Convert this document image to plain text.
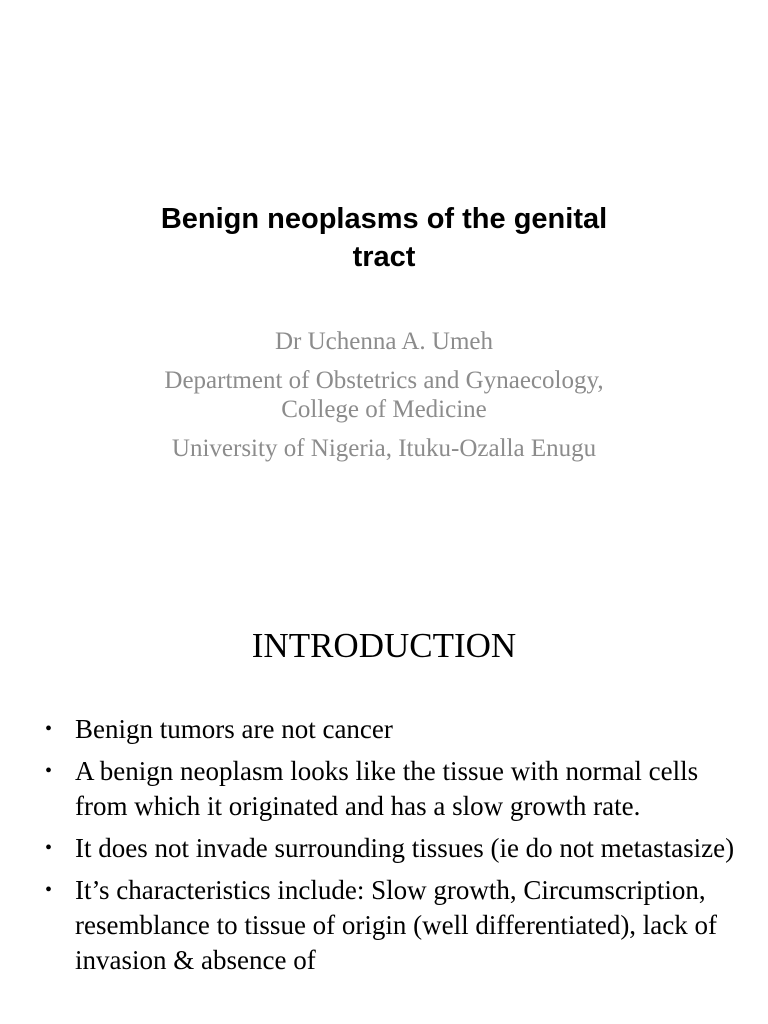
Benign neoplasms of the genital
tract
Dr Uchenna A. Umeh
Department of Obstetrics and Gynaecology,
College of Medicine
University of Nigeria, Ituku-Ozalla Enugu
INTRODUCTION
• Benign tumors are not cancer
• A benign neoplasm looks like the tissue with normal cells from which it originated and has a slow growth rate.
• It does not invade surrounding tissues (ie do not metastasize)
• It’s characteristics include: Slow growth, Circumscription, resemblance to tissue of origin (well differentiated), lack of invasion & absence of
